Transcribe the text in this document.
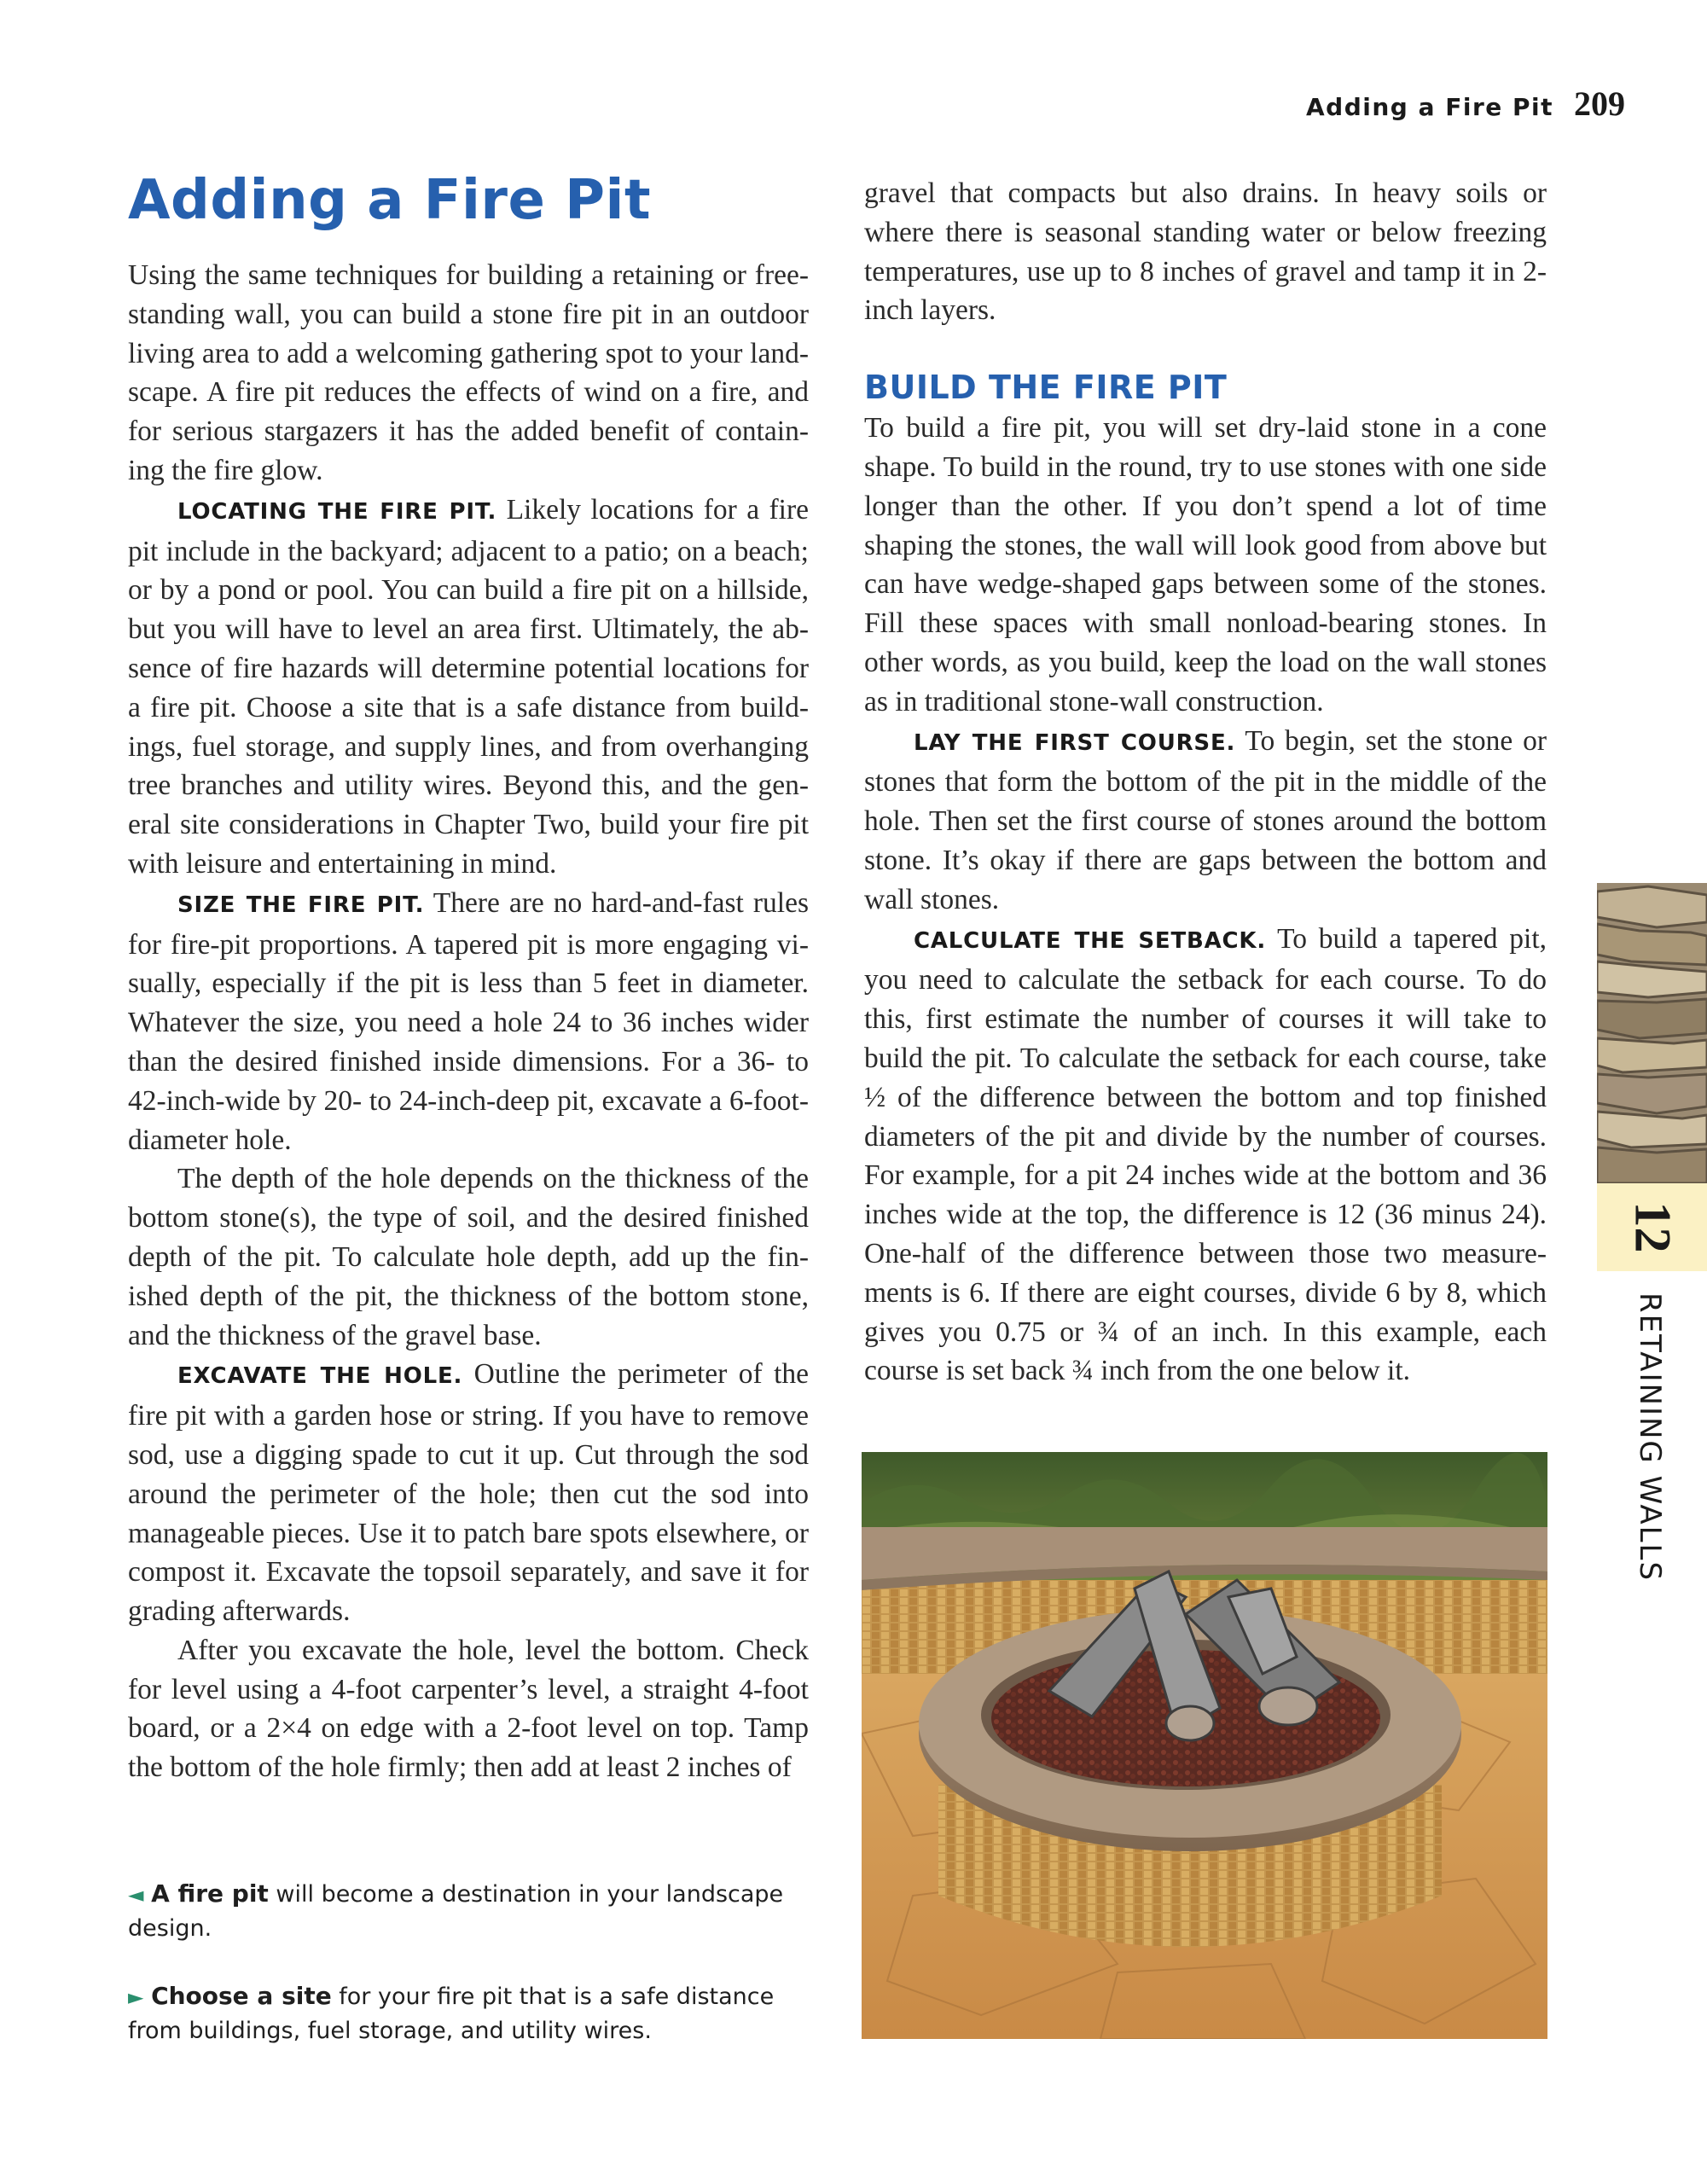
Adding a Fire Pit 209
Adding a Fire Pit

Using the same techniques for building a retaining or free-standing wall, you can build a stone fire pit in an outdoor living area to add a welcoming gathering spot to your land-scape. A fire pit reduces the effects of wind on a fire, and for serious stargazers it has the added benefit of contain-ing the fire glow.

LOCATING THE FIRE PIT. Likely locations for a fire pit include in the backyard; adjacent to a patio; on a beach; or by a pond or pool. You can build a fire pit on a hillside, but you will have to level an area first. Ultimately, the ab-sence of fire hazards will determine potential locations for a fire pit. Choose a site that is a safe distance from build-ings, fuel storage, and supply lines, and from overhanging tree branches and utility wires. Beyond this, and the gen-eral site considerations in Chapter Two, build your fire pit with leisure and entertaining in mind.

SIZE THE FIRE PIT. There are no hard-and-fast rules for fire-pit proportions. A tapered pit is more engaging vi-sually, especially if the pit is less than 5 feet in diameter. Whatever the size, you need a hole 24 to 36 inches wider than the desired finished inside dimensions. For a 36- to 42-inch-wide by 20- to 24-inch-deep pit, excavate a 6-foot-diameter hole.

The depth of the hole depends on the thickness of the bottom stone(s), the type of soil, and the desired finished depth of the pit. To calculate hole depth, add up the fin-ished depth of the pit, the thickness of the bottom stone, and the thickness of the gravel base.

EXCAVATE THE HOLE. Outline the perimeter of the fire pit with a garden hose or string. If you have to remove sod, use a digging spade to cut it up. Cut through the sod around the perimeter of the hole; then cut the sod into manageable pieces. Use it to patch bare spots elsewhere, or compost it. Excavate the topsoil separately, and save it for grading afterwards.

After you excavate the hole, level the bottom. Check for level using a 4-foot carpenter’s level, a straight 4-foot board, or a 2×4 on edge with a 2-foot level on top. Tamp the bottom of the hole firmly; then add at least 2 inches of

gravel that compacts but also drains. In heavy soils or where there is seasonal standing water or below freezing temperatures, use up to 8 inches of gravel and tamp it in 2-inch layers.

BUILD THE FIRE PIT

To build a fire pit, you will set dry-laid stone in a cone shape. To build in the round, try to use stones with one side longer than the other. If you don’t spend a lot of time shaping the stones, the wall will look good from above but can have wedge-shaped gaps between some of the stones. Fill these spaces with small nonload-bearing stones. In other words, as you build, keep the load on the wall stones as in traditional stone-wall construction.

LAY THE FIRST COURSE. To begin, set the stone or stones that form the bottom of the pit in the middle of the hole. Then set the first course of stones around the bottom stone. It’s okay if there are gaps between the bottom and wall stones.

CALCULATE THE SETBACK. To build a tapered pit, you need to calculate the setback for each course. To do this, first estimate the number of courses it will take to build the pit. To calculate the setback for each course, take ½ of the difference between the bottom and top finished diameters of the pit and divide by the number of courses. For example, for a pit 24 inches wide at the bottom and 36 inches wide at the top, the difference is 12 (36 minus 24). One-half of the difference between those two measure-ments is 6. If there are eight courses, divide 6 by 8, which gives you 0.75 or ¾ of an inch. In this example, each course is set back ¾ inch from the one below it.

◄ A fire pit will become a destination in your landscape design.

► Choose a site for your fire pit that is a safe distance from buildings, fuel storage, and utility wires.

12
RETAINING WALLS
